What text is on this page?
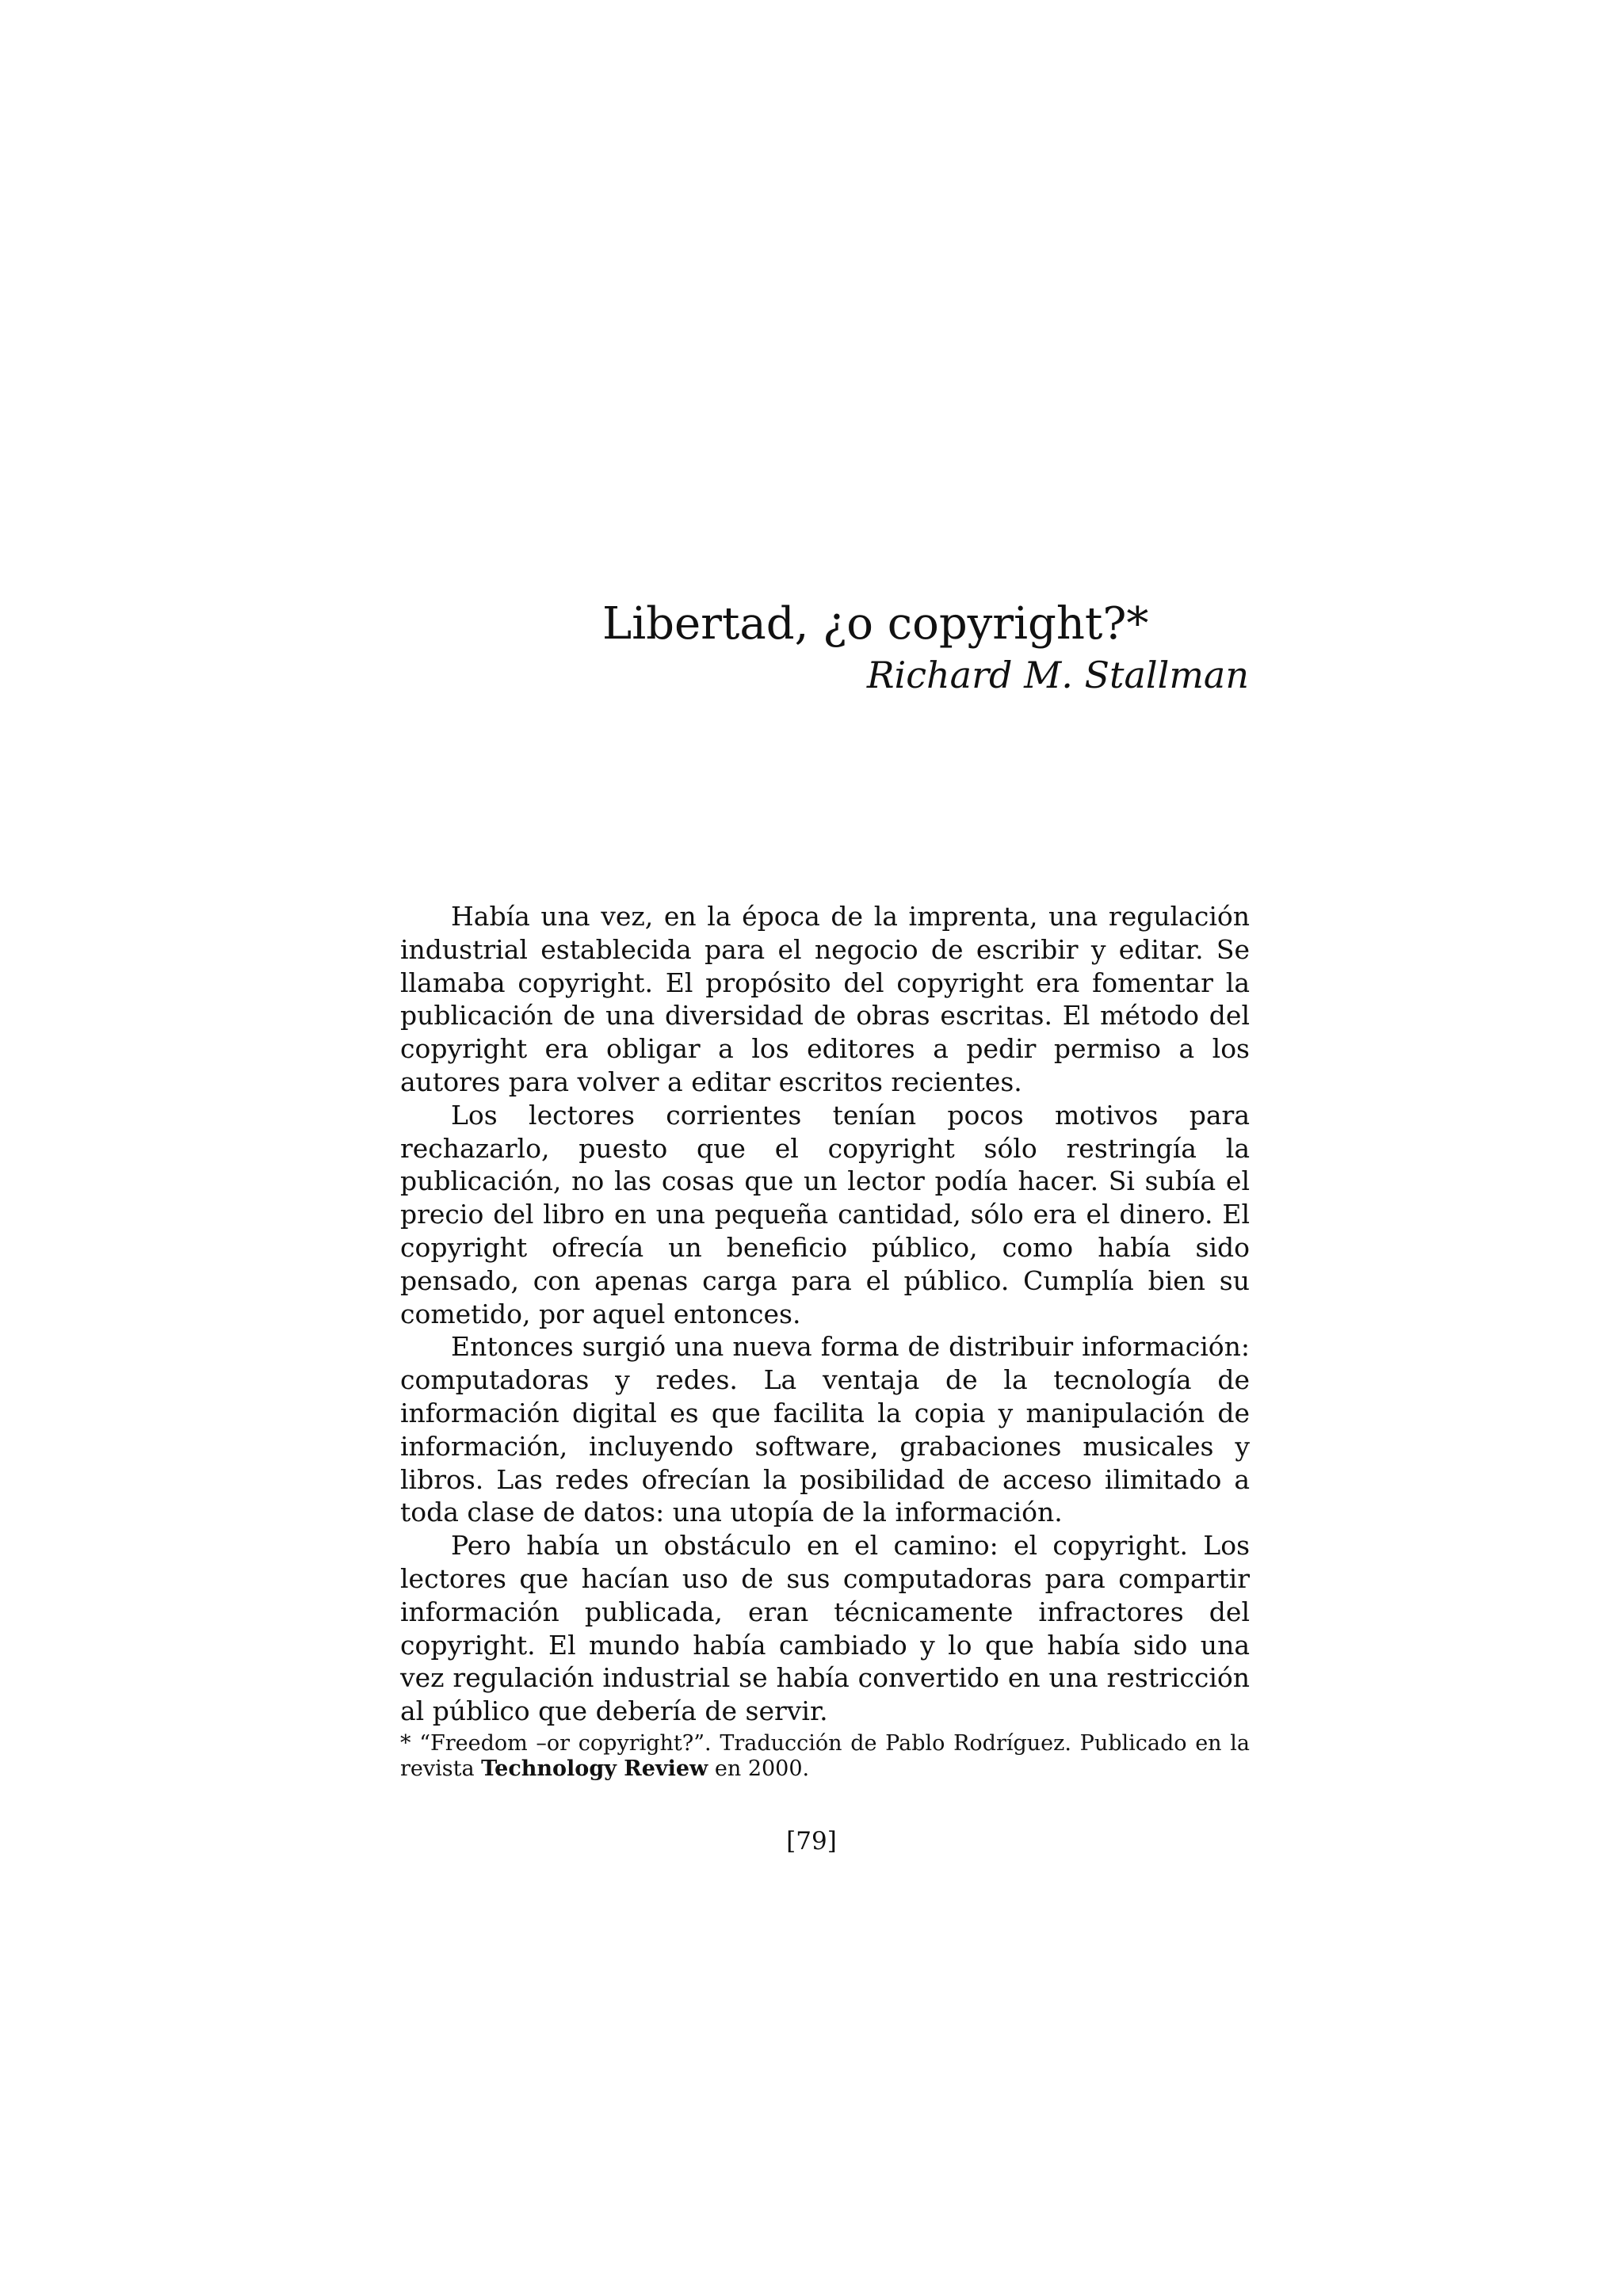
Libertad, ¿o copyright?*
Richard M. Stallman

Había una vez, en la época de la imprenta, una regulación industrial establecida para el negocio de escribir y editar. Se llamaba copyright. El propósito del copyright era fomentar la publicación de una diversidad de obras escritas. El método del copyright era obligar a los editores a pedir permiso a los autores para volver a editar escritos recientes.

Los lectores corrientes tenían pocos motivos para rechazarlo, puesto que el copyright sólo restringía la publicación, no las cosas que un lector podía hacer. Si subía el precio del libro en una pequeña cantidad, sólo era el dinero. El copyright ofrecía un beneficio público, como había sido pensado, con apenas carga para el público. Cumplía bien su cometido, por aquel entonces.

Entonces surgió una nueva forma de distribuir información: computadoras y redes. La ventaja de la tecnología de información digital es que facilita la copia y manipulación de información, incluyendo software, grabaciones musicales y libros. Las redes ofrecían la posibilidad de acceso ilimitado a toda clase de datos: una utopía de la información.

Pero había un obstáculo en el camino: el copyright. Los lectores que hacían uso de sus computadoras para compartir información publicada, eran técnicamente infractores del copyright. El mundo había cambiado y lo que había sido una vez regulación industrial se había convertido en una restricción al público que debería de servir.

* “Freedom –or copyright?”. Traducción de Pablo Rodríguez. Publicado en la revista Technology Review en 2000.

[79]
